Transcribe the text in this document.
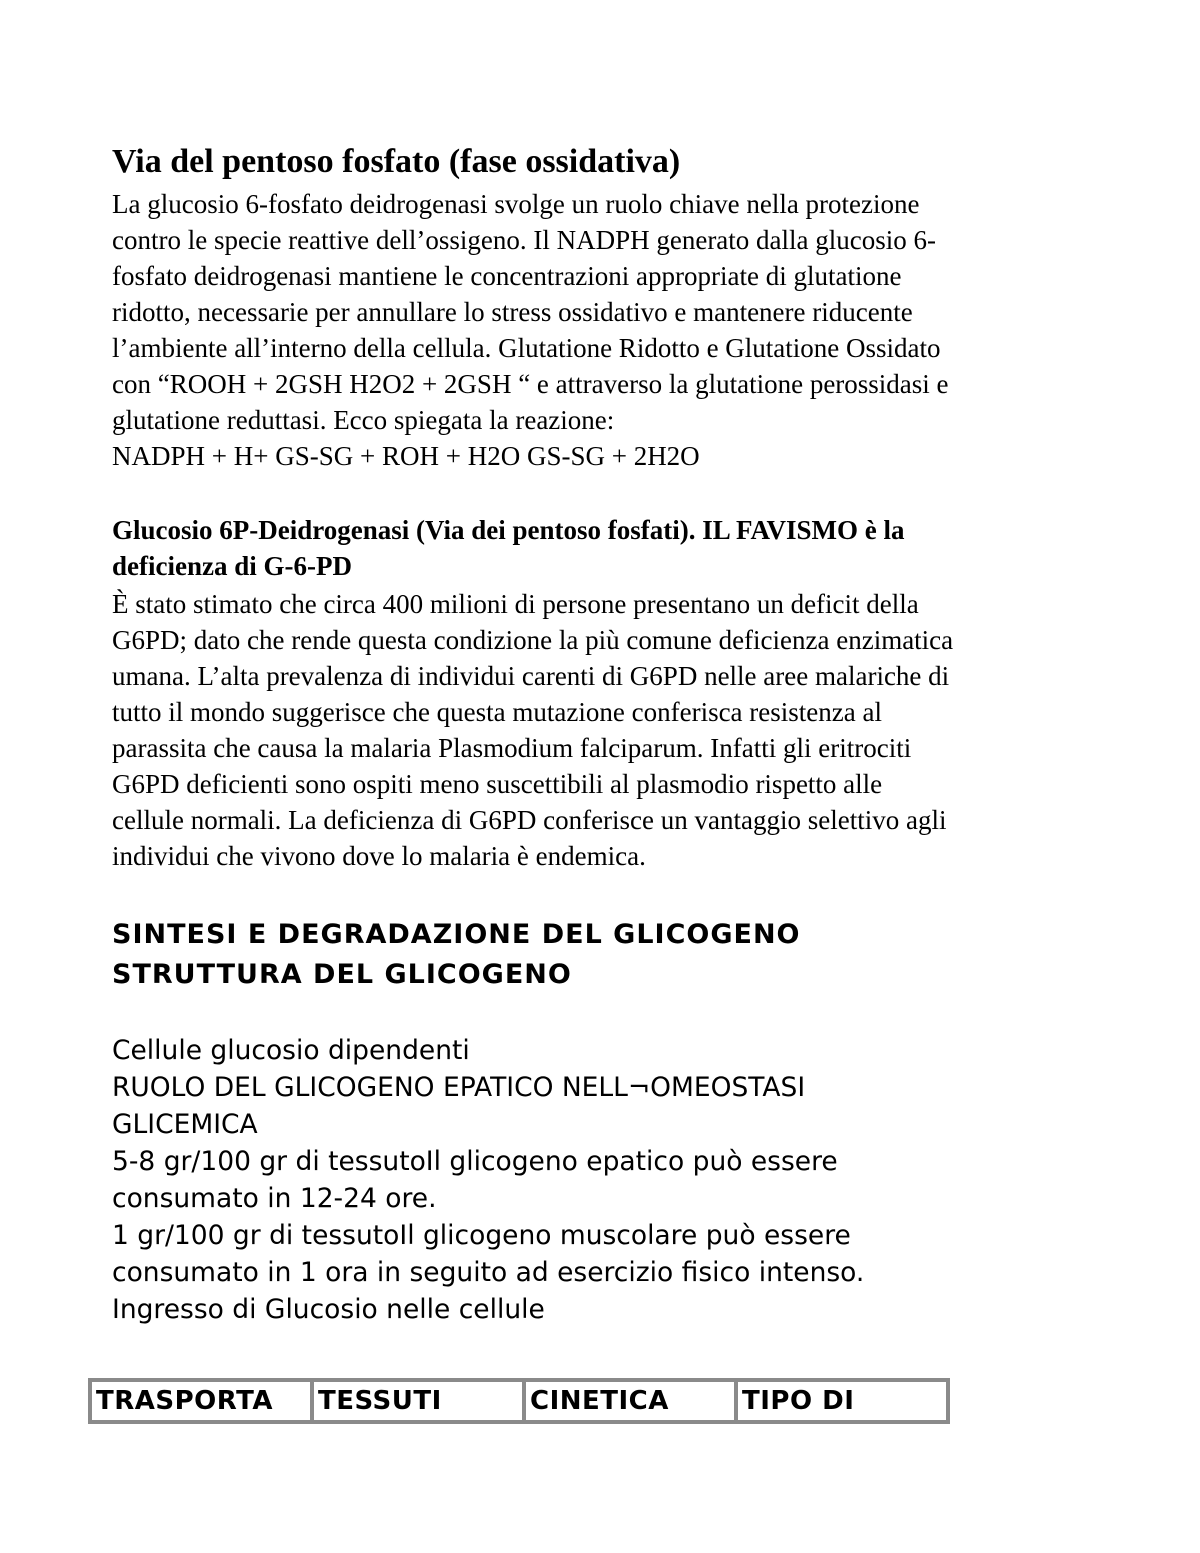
Via del pentoso fosfato (fase ossidativa)
La glucosio 6-fosfato deidrogenasi svolge un ruolo chiave nella protezione
contro le specie reattive dell’ossigeno. Il NADPH generato dalla glucosio 6-
fosfato deidrogenasi mantiene le concentrazioni appropriate di glutatione
ridotto, necessarie per annullare lo stress ossidativo e mantenere riducente
l’ambiente all’interno della cellula. Glutatione Ridotto e Glutatione Ossidato
con “ROOH + 2GSH H2O2 + 2GSH “ e attraverso la glutatione perossidasi e
glutatione reduttasi. Ecco spiegata la reazione:
NADPH + H+ GS-SG + ROH + H2O GS-SG + 2H2O
Glucosio 6P-Deidrogenasi (Via dei pentoso fosfati). IL FAVISMO è la
deficienza di G-6-PD
È stato stimato che circa 400 milioni di persone presentano un deficit della
G6PD; dato che rende questa condizione la più comune deficienza enzimatica
umana. L’alta prevalenza di individui carenti di G6PD nelle aree malariche di
tutto il mondo suggerisce che questa mutazione conferisca resistenza al
parassita che causa la malaria Plasmodium falciparum. Infatti gli eritrociti
G6PD deficienti sono ospiti meno suscettibili al plasmodio rispetto alle
cellule normali. La deficienza di G6PD conferisce un vantaggio selettivo agli
individui che vivono dove lo malaria è endemica.
SINTESI E DEGRADAZIONE DEL GLICOGENO
STRUTTURA DEL GLICOGENO
Cellule glucosio dipendenti
RUOLO DEL GLICOGENO EPATICO NELL¬OMEOSTASI
GLICEMICA
5-8 gr/100 gr di tessutoIl glicogeno epatico può essere
consumato in 12-24 ore.
1 gr/100 gr di tessutoIl glicogeno muscolare può essere
consumato in 1 ora in seguito ad esercizio fisico intenso.
Ingresso di Glucosio nelle cellule
TRASPORTA	TESSUTI	CINETICA	TIPO DI
